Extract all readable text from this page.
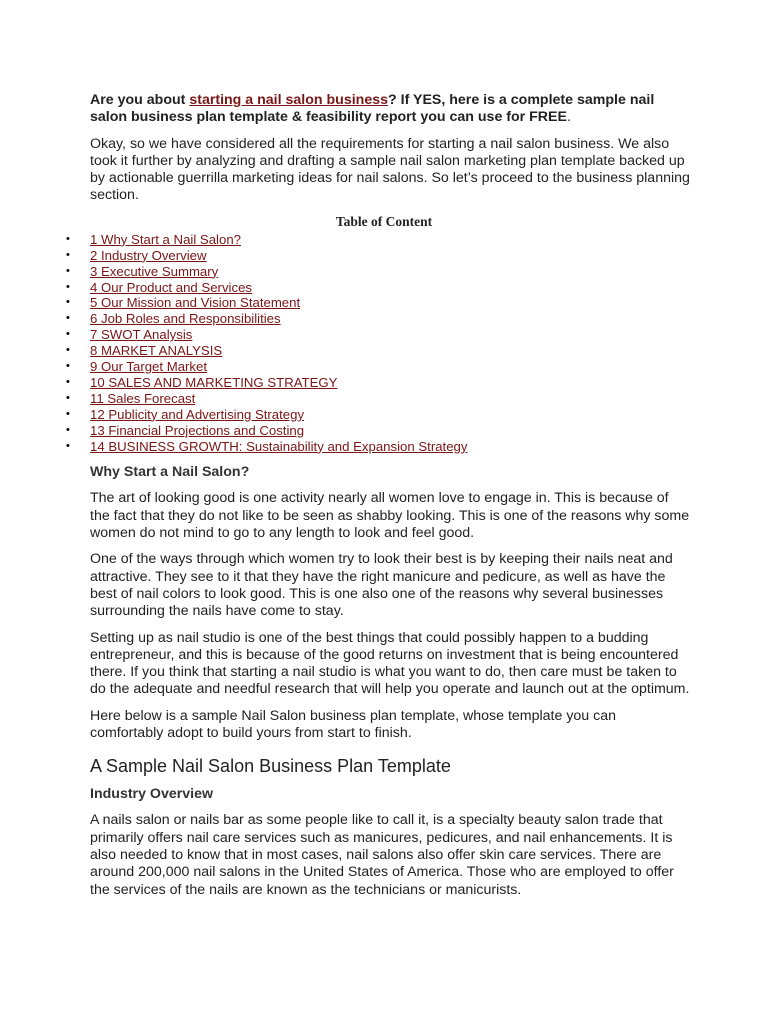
Are you about starting a nail salon business? If YES, here is a complete sample nail salon business plan template & feasibility report you can use for FREE.

Okay, so we have considered all the requirements for starting a nail salon business. We also took it further by analyzing and drafting a sample nail salon marketing plan template backed up by actionable guerrilla marketing ideas for nail salons. So let’s proceed to the business planning section.

Table of Content
• 1 Why Start a Nail Salon?
• 2 Industry Overview
• 3 Executive Summary
• 4 Our Product and Services
• 5 Our Mission and Vision Statement
• 6 Job Roles and Responsibilities
• 7 SWOT Analysis
• 8 MARKET ANALYSIS
• 9 Our Target Market
• 10 SALES AND MARKETING STRATEGY
• 11 Sales Forecast
• 12 Publicity and Advertising Strategy
• 13 Financial Projections and Costing
• 14 BUSINESS GROWTH: Sustainability and Expansion Strategy
Why Start a Nail Salon?

The art of looking good is one activity nearly all women love to engage in. This is because of the fact that they do not like to be seen as shabby looking. This is one of the reasons why some women do not mind to go to any length to look and feel good.

One of the ways through which women try to look their best is by keeping their nails neat and attractive. They see to it that they have the right manicure and pedicure, as well as have the best of nail colors to look good. This is one also one of the reasons why several businesses surrounding the nails have come to stay.

Setting up as nail studio is one of the best things that could possibly happen to a budding entrepreneur, and this is because of the good returns on investment that is being encountered there. If you think that starting a nail studio is what you want to do, then care must be taken to do the adequate and needful research that will help you operate and launch out at the optimum.

Here below is a sample Nail Salon business plan template, whose template you can comfortably adopt to build yours from start to finish.

A Sample Nail Salon Business Plan Template
Industry Overview

A nails salon or nails bar as some people like to call it, is a specialty beauty salon trade that primarily offers nail care services such as manicures, pedicures, and nail enhancements. It is also needed to know that in most cases, nail salons also offer skin care services. There are around 200,000 nail salons in the United States of America. Those who are employed to offer the services of the nails are known as the technicians or manicurists.
